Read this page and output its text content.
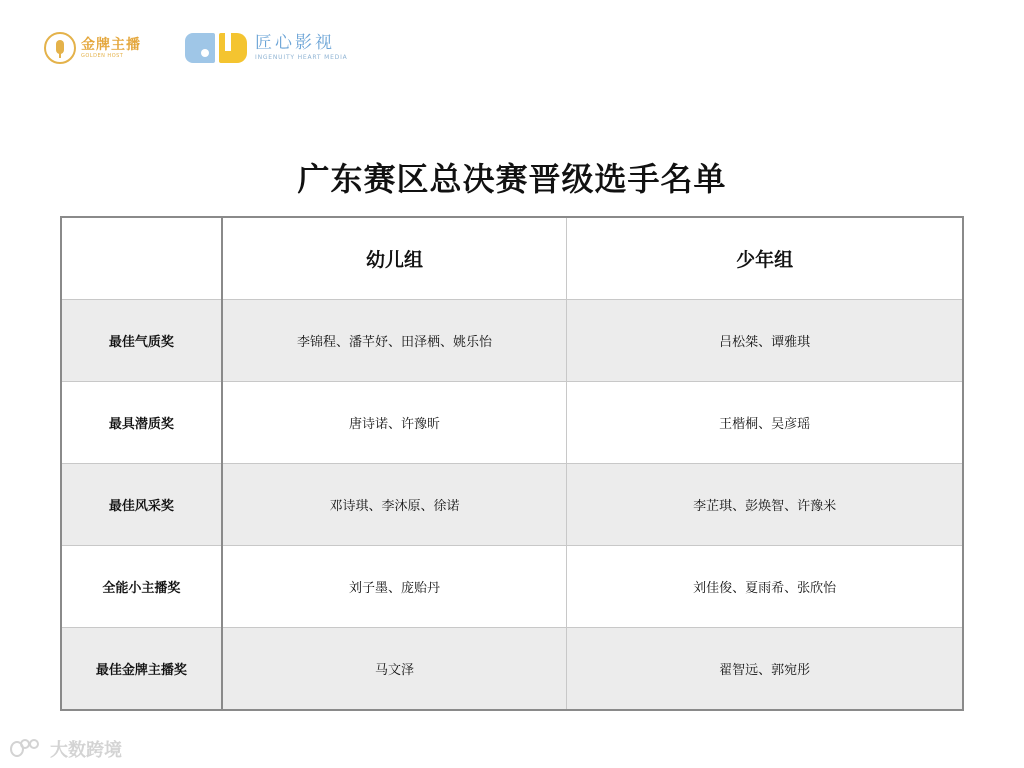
金牌主播
GOLDEN HOST
匠心影视
INGENUITY HEART MEDIA
广东赛区总决赛晋级选手名单
	幼儿组	少年组
最佳气质奖	李锦程、潘芊妤、田泽栖、姚乐怡	吕松桀、谭雅琪
最具潜质奖	唐诗诺、许豫昕	王楷桐、吴彦瑶
最佳风采奖	邓诗琪、李沐原、徐诺	李芷琪、彭焕智、许豫米
全能小主播奖	刘子墨、庞贻丹	刘佳俊、夏雨希、张欣怡
最佳金牌主播奖	马文泽	翟智远、郭宛彤
大数跨境
